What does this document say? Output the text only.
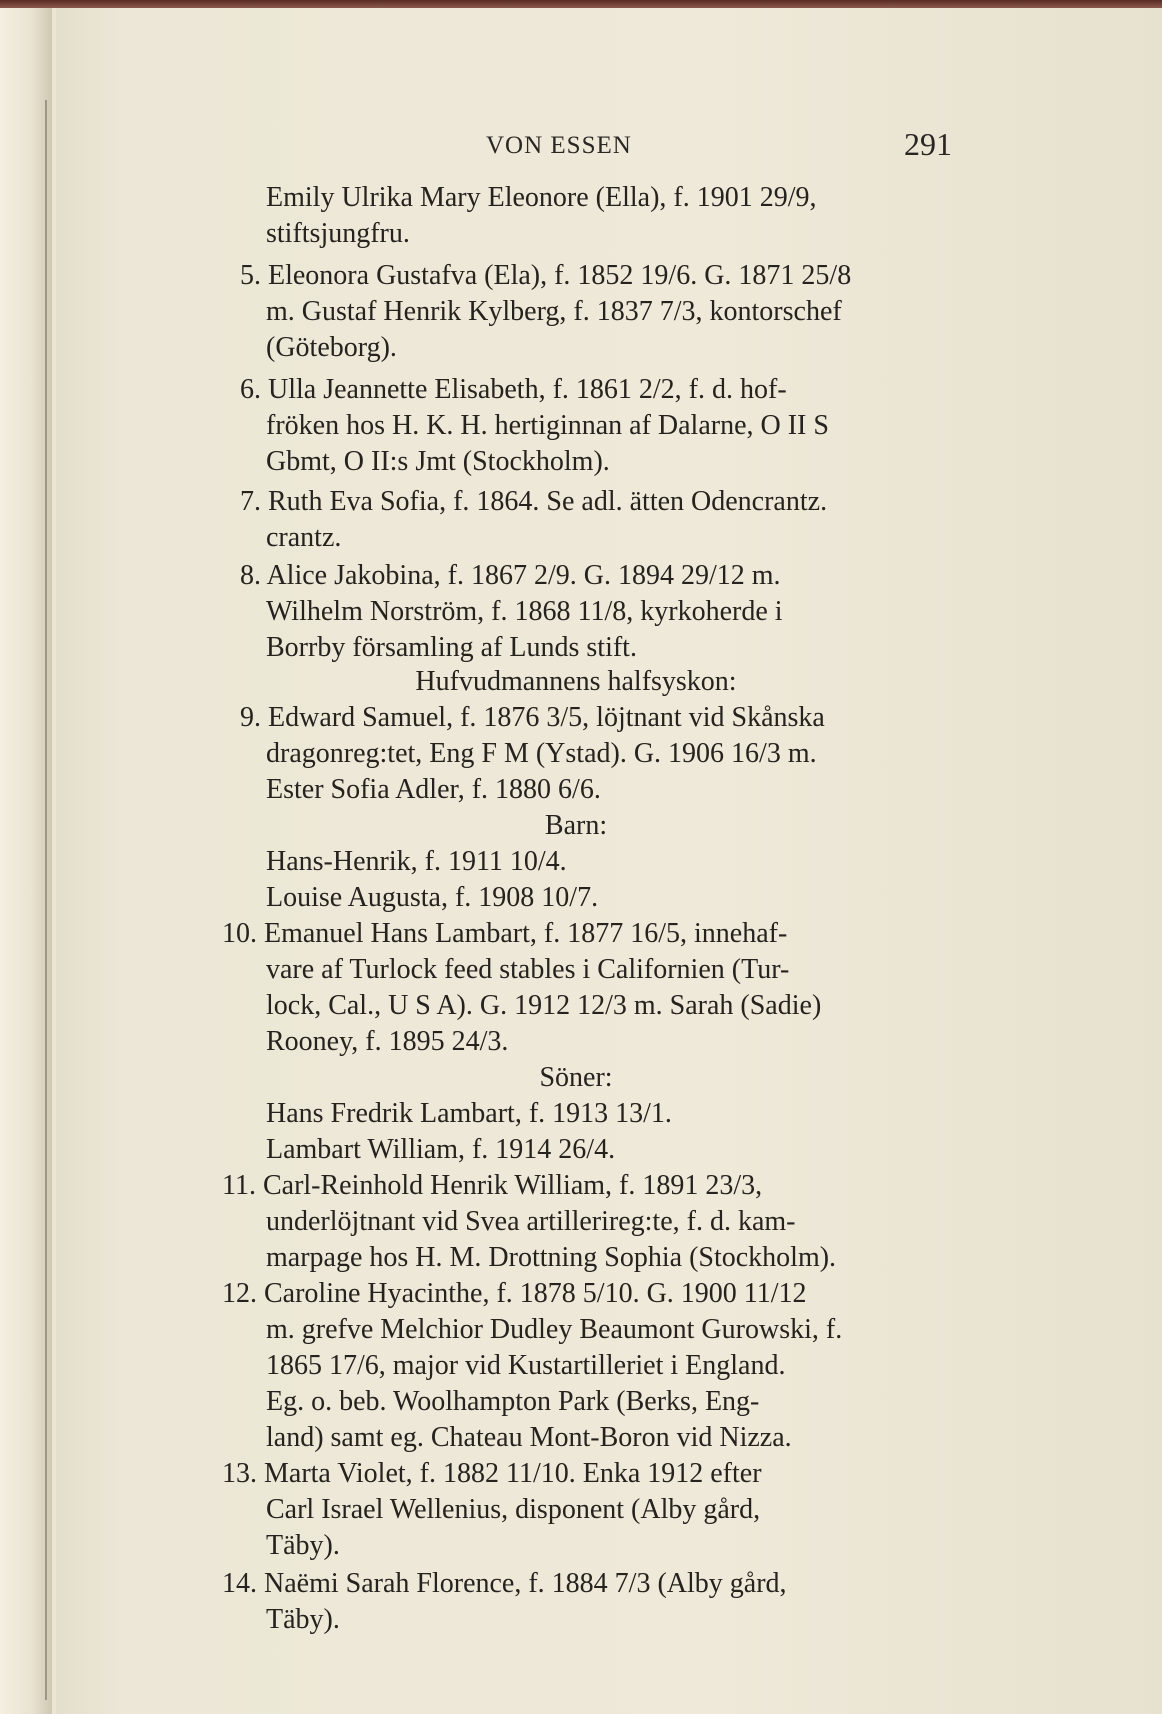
VON ESSEN	291
Emily Ulrika Mary Eleonore (Ella), f. 1901 29/9,
stiftsjungfru.
5. Eleonora Gustafva (Ela), f. 1852 19/6. G. 1871 25/8
m. Gustaf Henrik Kylberg, f. 1837 7/3, kontorschef
(Göteborg).
6. Ulla Jeannette Elisabeth, f. 1861 2/2, f. d. hof-
fröken hos H. K. H. hertiginnan af Dalarne, O II S
Gbmt, O II:s Jmt (Stockholm).
7. Ruth Eva Sofia, f. 1864. Se adl. ätten Odencrantz.
crantz.
8. Alice Jakobina, f. 1867 2/9. G. 1894 29/12 m.
Wilhelm Norström, f. 1868 11/8, kyrkoherde i
Borrby församling af Lunds stift.
Hufvudmannens halfsyskon:
9. Edward Samuel, f. 1876 3/5, löjtnant vid Skånska
dragonreg:tet, Eng F M (Ystad). G. 1906 16/3 m.
Ester Sofia Adler, f. 1880 6/6.
Barn:
Hans-Henrik, f. 1911 10/4.
Louise Augusta, f. 1908 10/7.
10. Emanuel Hans Lambart, f. 1877 16/5, innehaf-
vare af Turlock feed stables i Californien (Tur-
lock, Cal., U S A). G. 1912 12/3 m. Sarah (Sadie)
Rooney, f. 1895 24/3.
Söner:
Hans Fredrik Lambart, f. 1913 13/1.
Lambart William, f. 1914 26/4.
11. Carl-Reinhold Henrik William, f. 1891 23/3,
underlöjtnant vid Svea artillerireg:te, f. d. kam-
marpage hos H. M. Drottning Sophia (Stockholm).
12. Caroline Hyacinthe, f. 1878 5/10. G. 1900 11/12
m. grefve Melchior Dudley Beaumont Gurowski, f.
1865 17/6, major vid Kustartilleriet i England.
Eg. o. beb. Woolhampton Park (Berks, Eng-
land) samt eg. Chateau Mont-Boron vid Nizza.
13. Marta Violet, f. 1882 11/10. Enka 1912 efter
Carl Israel Wellenius, disponent (Alby gård,
Täby).
14. Naëmi Sarah Florence, f. 1884 7/3 (Alby gård,
Täby).
